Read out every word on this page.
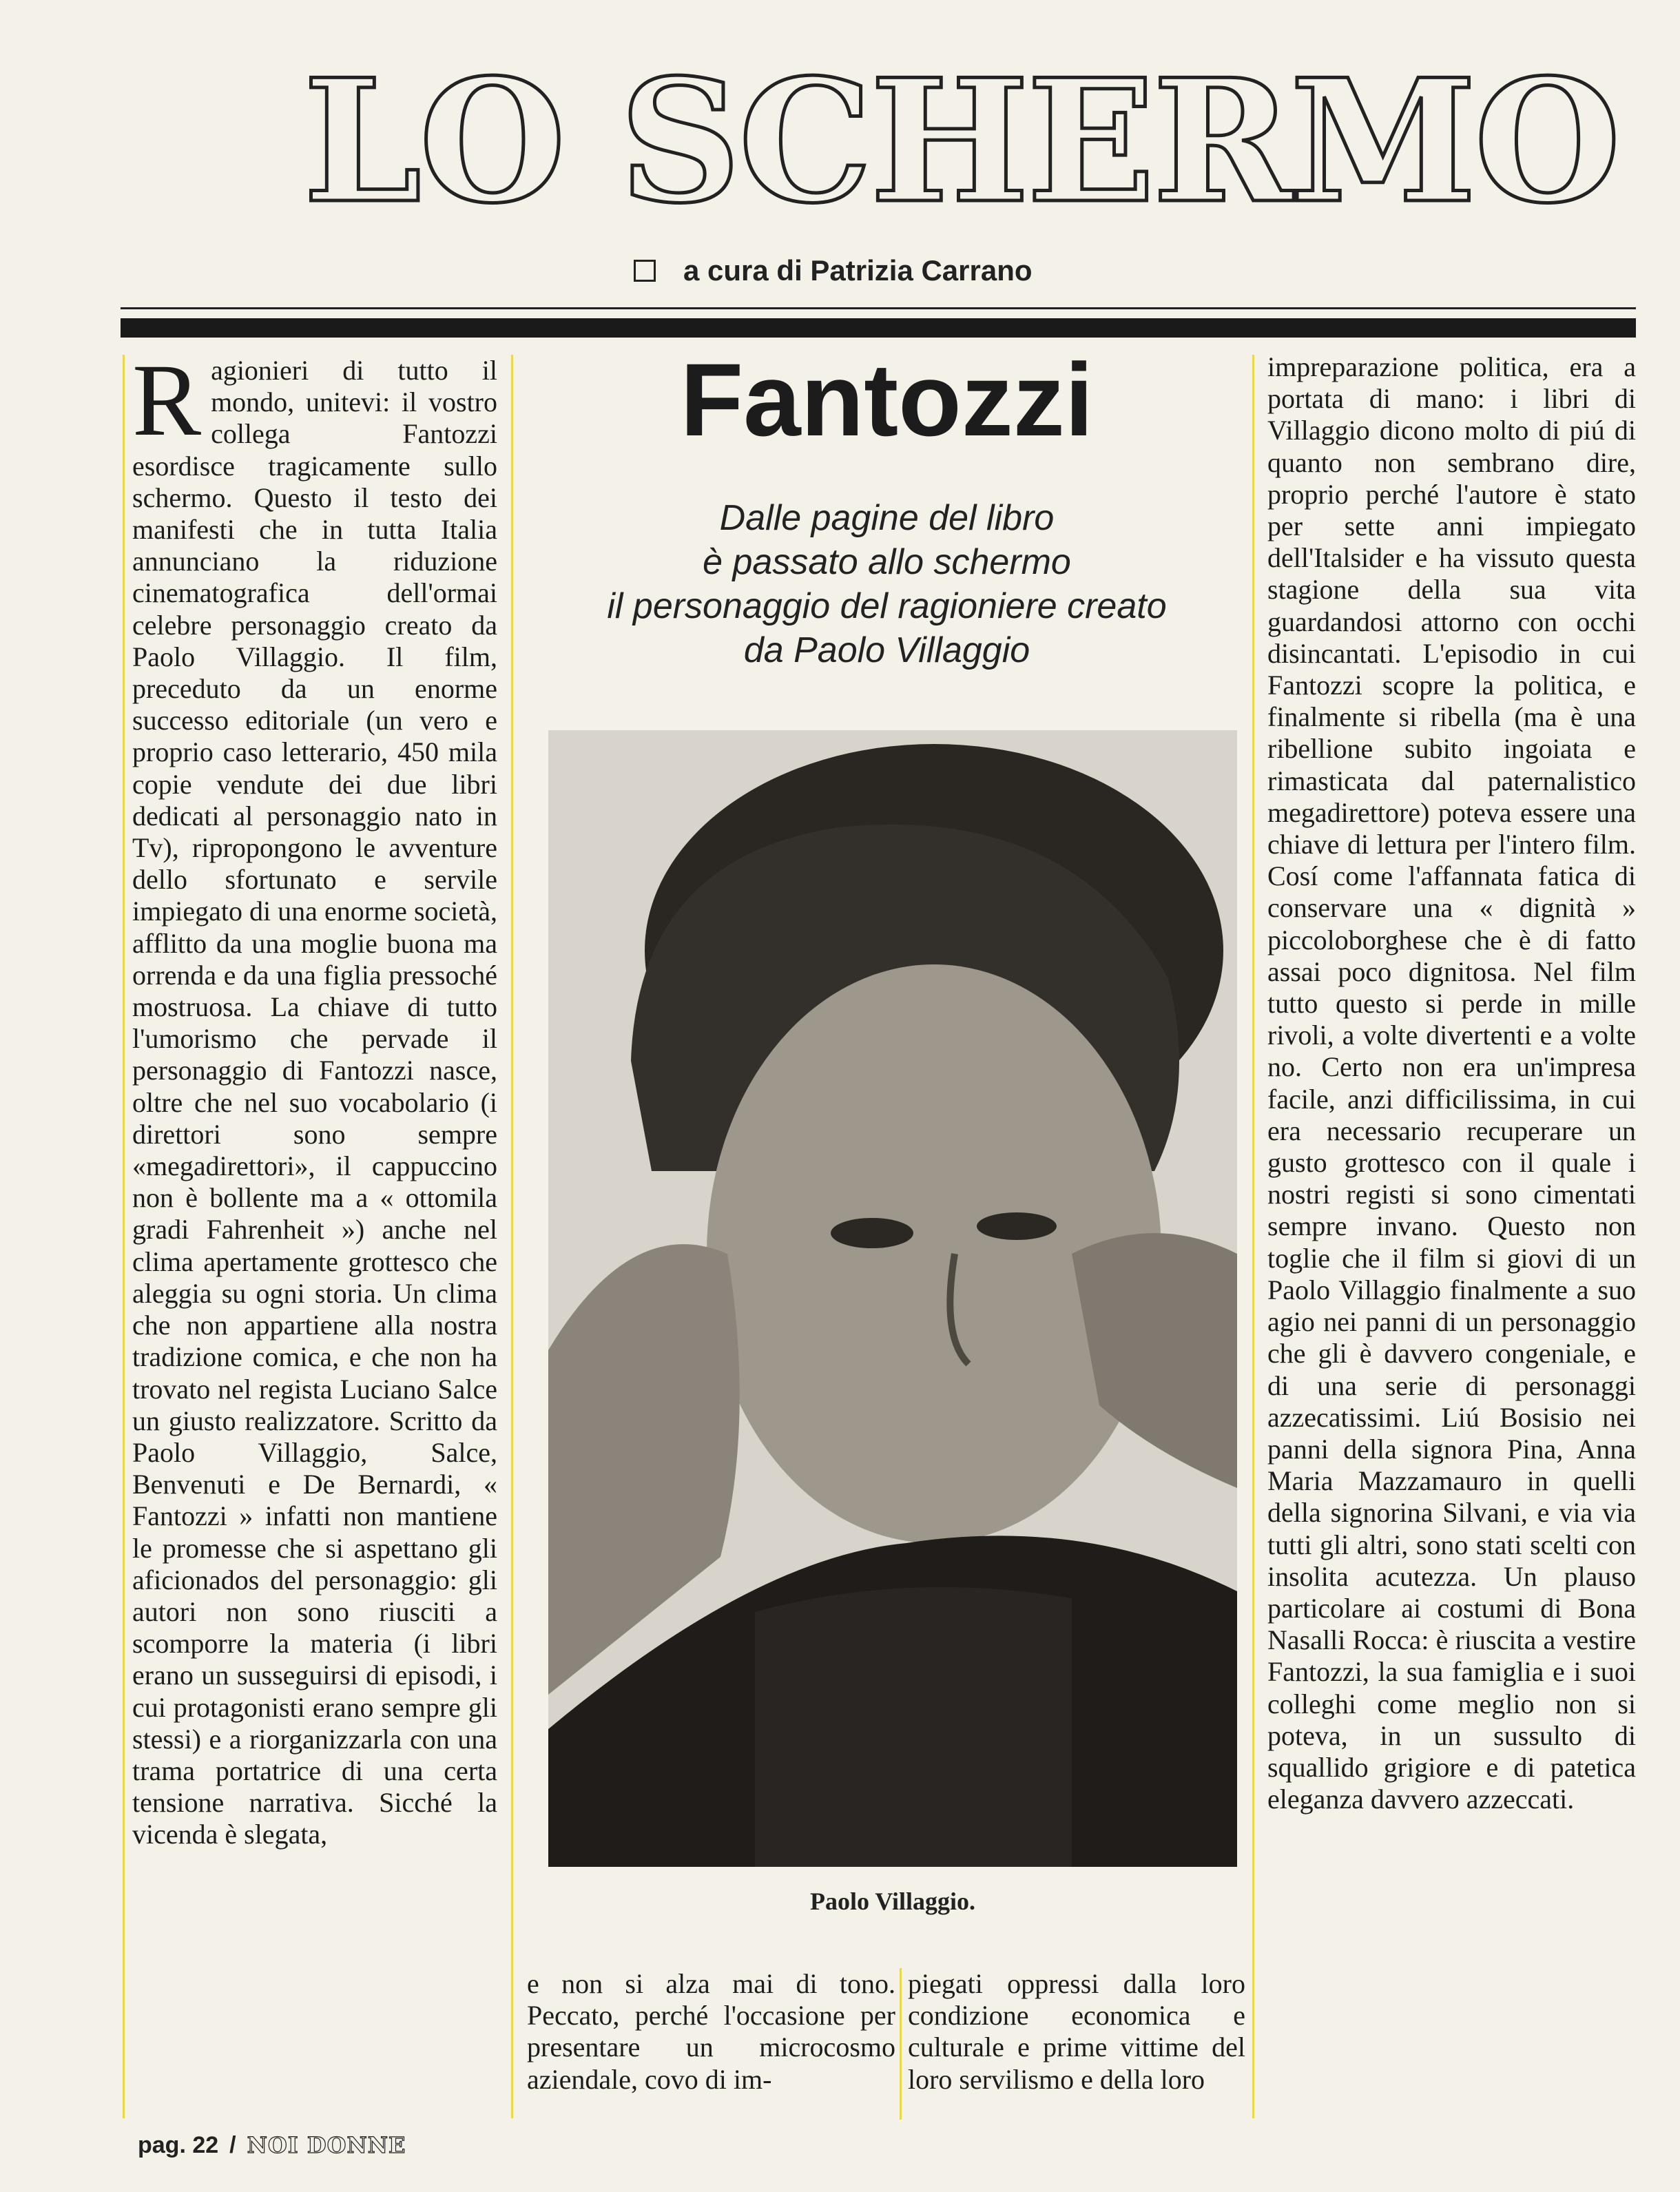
LO SCHERMO
a cura di Patrizia Carrano

Ragionieri di tutto il mondo, unitevi: il vostro collega Fantozzi esordisce tragicamente sullo schermo. Questo il testo dei manifesti che in tutta Italia annunciano la riduzione cinematografica dell'ormai celebre personaggio creato da Paolo Villaggio. Il film, preceduto da un enorme successo editoriale (un vero e proprio caso letterario, 450 mila copie vendute dei due libri dedicati al personaggio nato in Tv), ripropongono le avventure dello sfortunato e servile impiegato di una enorme società, afflitto da una moglie buona ma orrenda e da una figlia pressoché mostruosa. La chiave di tutto l'umorismo che pervade il personaggio di Fantozzi nasce, oltre che nel suo vocabolario (i direttori sono sempre «megadirettori», il cappuccino non è bollente ma a « ottomila gradi Fahrenheit ») anche nel clima apertamente grottesco che aleggia su ogni storia. Un clima che non appartiene alla nostra tradizione comica, e che non ha trovato nel regista Luciano Salce un giusto realizzatore. Scritto da Paolo Villaggio, Salce, Benvenuti e De Bernardi, « Fantozzi » infatti non mantiene le promesse che si aspettano gli aficionados del personaggio: gli autori non sono riusciti a scomporre la materia (i libri erano un susseguirsi di episodi, i cui protagonisti erano sempre gli stessi) e a riorganizzarla con una trama portatrice di una certa tensione narrativa. Sicché la vicenda è slegata,

Fantozzi
Dalle pagine del libro
è passato allo schermo
il personaggio del ragioniere creato
da Paolo Villaggio
Paolo Villaggio.

e non si alza mai di tono. Peccato, perché l'occasione per presentare un microcosmo aziendale, covo di im-

piegati oppressi dalla loro condizione economica e culturale e prime vittime del loro servilismo e della loro

impreparazione politica, era a portata di mano: i libri di Villaggio dicono molto di piú di quanto non sembrano dire, proprio perché l'autore è stato per sette anni impiegato dell'Italsider e ha vissuto questa stagione della sua vita guardandosi attorno con occhi disincantati. L'episodio in cui Fantozzi scopre la politica, e finalmente si ribella (ma è una ribellione subito ingoiata e rimasticata dal paternalistico megadirettore) poteva essere una chiave di lettura per l'intero film. Cosí come l'affannata fatica di conservare una « dignità » piccoloborghese che è di fatto assai poco dignitosa. Nel film tutto questo si perde in mille rivoli, a volte divertenti e a volte no. Certo non era un'impresa facile, anzi difficilissima, in cui era necessario recuperare un gusto grottesco con il quale i nostri registi si sono cimentati sempre invano. Questo non toglie che il film si giovi di un Paolo Villaggio finalmente a suo agio nei panni di un personaggio che gli è davvero congeniale, e di una serie di personaggi azzecatissimi. Liú Bosisio nei panni della signora Pina, Anna Maria Mazzamauro in quelli della signorina Silvani, e via via tutti gli altri, sono stati scelti con insolita acutezza. Un plauso particolare ai costumi di Bona Nasalli Rocca: è riuscita a vestire Fantozzi, la sua famiglia e i suoi colleghi come meglio non si poteva, in un sussulto di squallido grigiore e di patetica eleganza davvero azzeccati.

pag. 22 / NOI DONNE
